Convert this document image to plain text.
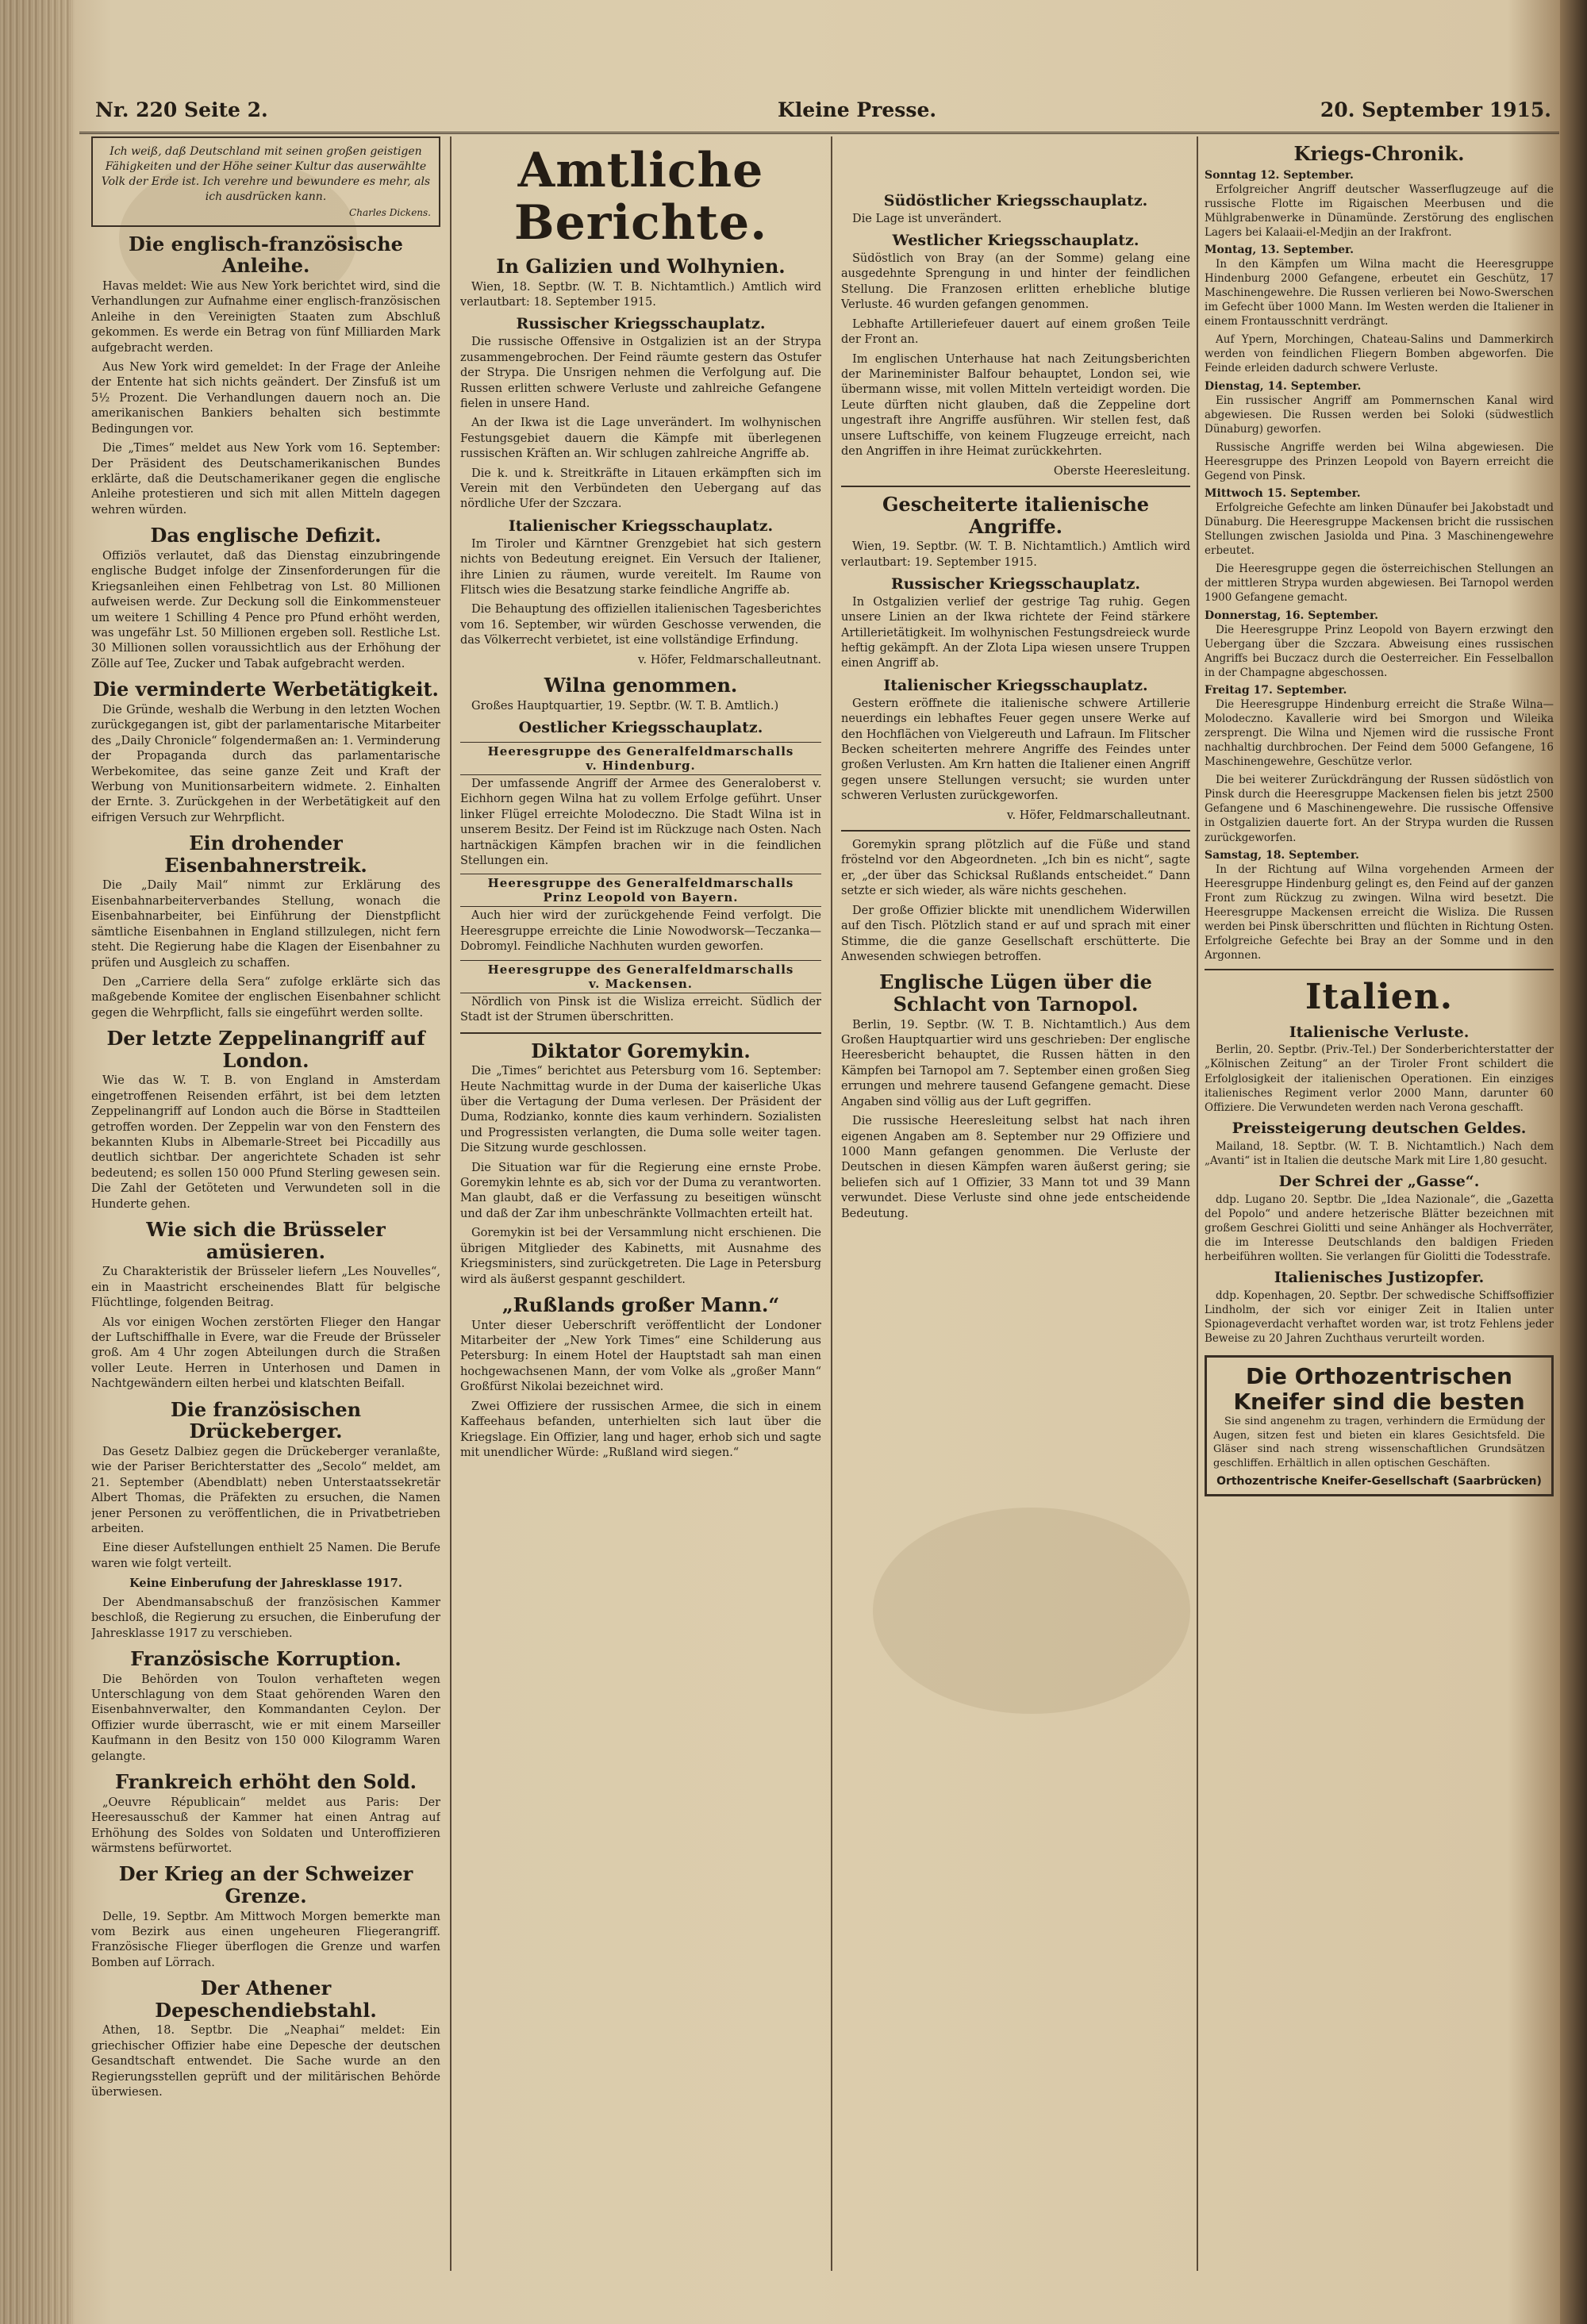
Nr. 220 Seite 2.	Kleine Presse.	20. September 1915.
Ich weiß, daß Deutschland mit seinen großen geistigen Fähigkeiten und der Höhe seiner Kultur das auserwählte Volk der Erde ist. Ich verehre und bewundere es mehr, als ich ausdrücken kann.
Charles Dickens.
Die englisch-französische Anleihe.

Havas meldet: Wie aus New York berichtet wird, sind die Verhandlungen zur Aufnahme einer englisch-französischen Anleihe in den Vereinigten Staaten zum Abschluß gekommen. Es werde ein Betrag von fünf Milliarden Mark aufgebracht werden.

Aus New York wird gemeldet: In der Frage der Anleihe der Entente hat sich nichts geändert. Der Zinsfuß ist um 5½ Prozent. Die Verhandlungen dauern noch an. Die amerikanischen Bankiers behalten sich bestimmte Bedingungen vor.

Die „Times“ meldet aus New York vom 16. September: Der Präsident des Deutschamerikanischen Bundes erklärte, daß die Deutschamerikaner gegen die englische Anleihe protestieren und sich mit allen Mitteln dagegen wehren würden.

Das englische Defizit.

Offiziös verlautet, daß das Dienstag einzubringende englische Budget infolge der Zinsenforderungen für die Kriegsanleihen einen Fehlbetrag von Lst. 80 Millionen aufweisen werde. Zur Deckung soll die Einkommensteuer um weitere 1 Schilling 4 Pence pro Pfund erhöht werden, was ungefähr Lst. 50 Millionen ergeben soll. Restliche Lst. 30 Millionen sollen voraussichtlich aus der Erhöhung der Zölle auf Tee, Zucker und Tabak aufgebracht werden.

Die verminderte Werbetätigkeit.

Die Gründe, weshalb die Werbung in den letzten Wochen zurückgegangen ist, gibt der parlamentarische Mitarbeiter des „Daily Chronicle“ folgendermaßen an: 1. Verminderung der Propaganda durch das parlamentarische Werbekomitee, das seine ganze Zeit und Kraft der Werbung von Munitionsarbeitern widmete. 2. Einhalten der Ernte. 3. Zurückgehen in der Werbetätigkeit auf den eifrigen Versuch zur Wehrpflicht.

Ein drohender Eisenbahnerstreik.

Die „Daily Mail“ nimmt zur Erklärung des Eisenbahnarbeiterverbandes Stellung, wonach die Eisenbahnarbeiter, bei Einführung der Dienstpflicht sämtliche Eisenbahnen in England stillzulegen, nicht fern steht. Die Regierung habe die Klagen der Eisenbahner zu prüfen und Ausgleich zu schaffen.

Den „Carriere della Sera“ zufolge erklärte sich das maßgebende Komitee der englischen Eisenbahner schlicht gegen die Wehrpflicht, falls sie eingeführt werden sollte.

Der letzte Zeppelinangriff auf London.

Wie das W. T. B. von England in Amsterdam eingetroffenen Reisenden erfährt, ist bei dem letzten Zeppelinangriff auf London auch die Börse in Stadtteilen getroffen worden. Der Zeppelin war von den Fenstern des bekannten Klubs in Albemarle-Street bei Piccadilly aus deutlich sichtbar. Der angerichtete Schaden ist sehr bedeutend; es sollen 150 000 Pfund Sterling gewesen sein. Die Zahl der Getöteten und Verwundeten soll in die Hunderte gehen.

Wie sich die Brüsseler amüsieren.

Zu Charakteristik der Brüsseler liefern „Les Nouvelles“, ein in Maastricht erscheinendes Blatt für belgische Flüchtlinge, folgenden Beitrag.

Als vor einigen Wochen zerstörten Flieger den Hangar der Luftschiffhalle in Evere, war die Freude der Brüsseler groß. Am 4 Uhr zogen Abteilungen durch die Straßen voller Leute. Herren in Unterhosen und Damen in Nachtgewändern eilten herbei und klatschten Beifall.

Die französischen Drückeberger.

Das Gesetz Dalbiez gegen die Drückeberger veranlaßte, wie der Pariser Berichterstatter des „Secolo“ meldet, am 21. September (Abendblatt) neben Unterstaatssekretär Albert Thomas, die Präfekten zu ersuchen, die Namen jener Personen zu veröffentlichen, die in Privatbetrieben arbeiten.

Eine dieser Aufstellungen enthielt 25 Namen. Die Berufe waren wie folgt verteilt.

Keine Einberufung der Jahresklasse 1917.

Der Abendmansabschuß der französischen Kammer beschloß, die Regierung zu ersuchen, die Einberufung der Jahresklasse 1917 zu verschieben.

Französische Korruption.

Die Behörden von Toulon verhafteten wegen Unterschlagung von dem Staat gehörenden Waren den Eisenbahnverwalter, den Kommandanten Ceylon. Der Offizier wurde überrascht, wie er mit einem Marseiller Kaufmann in den Besitz von 150 000 Kilogramm Waren gelangte.

Frankreich erhöht den Sold.

„Oeuvre Républicain“ meldet aus Paris: Der Heeresausschuß der Kammer hat einen Antrag auf Erhöhung des Soldes von Soldaten und Unteroffizieren wärmstens befürwortet.

Der Krieg an der Schweizer Grenze.

Delle, 19. Septbr. Am Mittwoch Morgen bemerkte man vom Bezirk aus einen ungeheuren Fliegerangriff. Französische Flieger überflogen die Grenze und warfen Bomben auf Lörrach.

Der Athener Depeschendiebstahl.

Athen, 18. Septbr. Die „Neaphai“ meldet: Ein griechischer Offizier habe eine Depesche der deutschen Gesandtschaft entwendet. Die Sache wurde an den Regierungsstellen geprüft und der militärischen Behörde überwiesen.

Amtliche Berichte.
In Galizien und Wolhynien.

Wien, 18. Septbr. (W. T. B. Nichtamtlich.) Amtlich wird verlautbart: 18. September 1915.

Russischer Kriegsschauplatz.

Die russische Offensive in Ostgalizien ist an der Strypa zusammengebrochen. Der Feind räumte gestern das Ostufer der Strypa. Die Unsrigen nehmen die Verfolgung auf. Die Russen erlitten schwere Verluste und zahlreiche Gefangene fielen in unsere Hand.

An der Ikwa ist die Lage unverändert. Im wolhynischen Festungsgebiet dauern die Kämpfe mit überlegenen russischen Kräften an. Wir schlugen zahlreiche Angriffe ab.

Die k. und k. Streitkräfte in Litauen erkämpften sich im Verein mit den Verbündeten den Uebergang auf das nördliche Ufer der Szczara.

Italienischer Kriegsschauplatz.

Im Tiroler und Kärntner Grenzgebiet hat sich gestern nichts von Bedeutung ereignet. Ein Versuch der Italiener, ihre Linien zu räumen, wurde vereitelt. Im Raume von Flitsch wies die Besatzung starke feindliche Angriffe ab.

Die Behauptung des offiziellen italienischen Tagesberichtes vom 16. September, wir würden Geschosse verwenden, die das Völkerrecht verbietet, ist eine vollständige Erfindung.

v. Höfer, Feldmarschalleutnant.

Wilna genommen.

Großes Hauptquartier, 19. Septbr. (W. T. B. Amtlich.)

Oestlicher Kriegsschauplatz.
Heeresgruppe des Generalfeldmarschalls
v. Hindenburg.

Der umfassende Angriff der Armee des Generaloberst v. Eichhorn gegen Wilna hat zu vollem Erfolge geführt. Unser linker Flügel erreichte Molodeczno. Die Stadt Wilna ist in unserem Besitz. Der Feind ist im Rückzuge nach Osten. Nach hartnäckigen Kämpfen brachen wir in die feindlichen Stellungen ein.

Heeresgruppe des Generalfeldmarschalls
Prinz Leopold von Bayern.

Auch hier wird der zurückgehende Feind verfolgt. Die Heeresgruppe erreichte die Linie Nowodworsk—Teczanka—Dobromyl. Feindliche Nachhuten wurden geworfen.

Heeresgruppe des Generalfeldmarschalls
v. Mackensen.

Nördlich von Pinsk ist die Wisliza erreicht. Südlich der Stadt ist der Strumen überschritten.

Diktator Goremykin.

Die „Times“ berichtet aus Petersburg vom 16. September: Heute Nachmittag wurde in der Duma der kaiserliche Ukas über die Vertagung der Duma verlesen. Der Präsident der Duma, Rodzianko, konnte dies kaum verhindern. Sozialisten und Progressisten verlangten, die Duma solle weiter tagen. Die Sitzung wurde geschlossen.

Die Situation war für die Regierung eine ernste Probe. Goremykin lehnte es ab, sich vor der Duma zu verantworten. Man glaubt, daß er die Verfassung zu beseitigen wünscht und daß der Zar ihm unbeschränkte Vollmachten erteilt hat.

Goremykin ist bei der Versammlung nicht erschienen. Die übrigen Mitglieder des Kabinetts, mit Ausnahme des Kriegsministers, sind zurückgetreten. Die Lage in Petersburg wird als äußerst gespannt geschildert.

„Rußlands großer Mann.“

Unter dieser Ueberschrift veröffentlicht der Londoner Mitarbeiter der „New York Times“ eine Schilderung aus Petersburg: In einem Hotel der Hauptstadt sah man einen hochgewachsenen Mann, der vom Volke als „großer Mann“ Großfürst Nikolai bezeichnet wird.

Zwei Offiziere der russischen Armee, die sich in einem Kaffeehaus befanden, unterhielten sich laut über die Kriegslage. Ein Offizier, lang und hager, erhob sich und sagte mit unendlicher Würde: „Rußland wird siegen.“

Südöstlicher Kriegsschauplatz.

Die Lage ist unverändert.

Westlicher Kriegsschauplatz.

Südöstlich von Bray (an der Somme) gelang eine ausgedehnte Sprengung in und hinter der feindlichen Stellung. Die Franzosen erlitten erhebliche blutige Verluste. 46 wurden gefangen genommen.

Lebhafte Artilleriefeuer dauert auf einem großen Teile der Front an.

Im englischen Unterhause hat nach Zeitungsberichten der Marineminister Balfour behauptet, London sei, wie übermann wisse, mit vollen Mitteln verteidigt worden. Die Leute dürften nicht glauben, daß die Zeppeline dort ungestraft ihre Angriffe ausführen. Wir stellen fest, daß unsere Luftschiffe, von keinem Flugzeuge erreicht, nach den Angriffen in ihre Heimat zurückkehrten.

Oberste Heeresleitung.

Gescheiterte italienische Angriffe.

Wien, 19. Septbr. (W. T. B. Nichtamtlich.) Amtlich wird verlautbart: 19. September 1915.

Russischer Kriegsschauplatz.

In Ostgalizien verlief der gestrige Tag ruhig. Gegen unsere Linien an der Ikwa richtete der Feind stärkere Artillerietätigkeit. Im wolhynischen Festungsdreieck wurde heftig gekämpft. An der Zlota Lipa wiesen unsere Truppen einen Angriff ab.

Italienischer Kriegsschauplatz.

Gestern eröffnete die italienische schwere Artillerie neuerdings ein lebhaftes Feuer gegen unsere Werke auf den Hochflächen von Vielgereuth und Lafraun. Im Flitscher Becken scheiterten mehrere Angriffe des Feindes unter großen Verlusten. Am Krn hatten die Italiener einen Angriff gegen unsere Stellungen versucht; sie wurden unter schweren Verlusten zurückgeworfen.

v. Höfer, Feldmarschalleutnant.

Goremykin sprang plötzlich auf die Füße und stand fröstelnd vor den Abgeordneten. „Ich bin es nicht“, sagte er, „der über das Schicksal Rußlands entscheidet.“ Dann setzte er sich wieder, als wäre nichts geschehen.

Der große Offizier blickte mit unendlichem Widerwillen auf den Tisch. Plötzlich stand er auf und sprach mit einer Stimme, die die ganze Gesellschaft erschütterte. Die Anwesenden schwiegen betroffen.

Englische Lügen über die Schlacht von Tarnopol.

Berlin, 19. Septbr. (W. T. B. Nichtamtlich.) Aus dem Großen Hauptquartier wird uns geschrieben: Der englische Heeresbericht behauptet, die Russen hätten in den Kämpfen bei Tarnopol am 7. September einen großen Sieg errungen und mehrere tausend Gefangene gemacht. Diese Angaben sind völlig aus der Luft gegriffen.

Die russische Heeresleitung selbst hat nach ihren eigenen Angaben am 8. September nur 29 Offiziere und 1000 Mann gefangen genommen. Die Verluste der Deutschen in diesen Kämpfen waren äußerst gering; sie beliefen sich auf 1 Offizier, 33 Mann tot und 39 Mann verwundet. Diese Verluste sind ohne jede entscheidende Bedeutung.

Kriegs-Chronik.
Sonntag 12. September.

Erfolgreicher Angriff deutscher Wasserflugzeuge auf die russische Flotte im Rigaischen Meerbusen und die Mühlgrabenwerke in Dünamünde. Zerstörung des englischen Lagers bei Kalaaii-el-Medjin an der Irakfront.

Montag, 13. September.

In den Kämpfen um Wilna macht die Heeresgruppe Hindenburg 2000 Gefangene, erbeutet ein Geschütz, 17 Maschinengewehre. Die Russen verlieren bei Nowo-Swerschen im Gefecht über 1000 Mann. Im Westen werden die Italiener in einem Frontausschnitt verdrängt.

Auf Ypern, Morchingen, Chateau-Salins und Dammerkirch werden von feindlichen Fliegern Bomben abgeworfen. Die Feinde erleiden dadurch schwere Verluste.

Dienstag, 14. September.

Ein russischer Angriff am Pommernschen Kanal wird abgewiesen. Die Russen werden bei Soloki (südwestlich Dünaburg) geworfen.

Russische Angriffe werden bei Wilna abgewiesen. Die Heeresgruppe des Prinzen Leopold von Bayern erreicht die Gegend von Pinsk.

Mittwoch 15. September.

Erfolgreiche Gefechte am linken Dünaufer bei Jakobstadt und Dünaburg. Die Heeresgruppe Mackensen bricht die russischen Stellungen zwischen Jasiolda und Pina. 3 Maschinengewehre erbeutet.

Die Heeresgruppe gegen die österreichischen Stellungen an der mittleren Strypa wurden abgewiesen. Bei Tarnopol werden 1900 Gefangene gemacht.

Donnerstag, 16. September.

Die Heeresgruppe Prinz Leopold von Bayern erzwingt den Uebergang über die Szczara. Abweisung eines russischen Angriffs bei Buczacz durch die Oesterreicher. Ein Fesselballon in der Champagne abgeschossen.

Freitag 17. September.

Die Heeresgruppe Hindenburg erreicht die Straße Wilna—Molodeczno. Kavallerie wird bei Smorgon und Wileika zersprengt. Die Wilna und Njemen wird die russische Front nachhaltig durchbrochen. Der Feind dem 5000 Gefangene, 16 Maschinengewehre, Geschütze verlor.

Die bei weiterer Zurückdrängung der Russen südöstlich von Pinsk durch die Heeresgruppe Mackensen fielen bis jetzt 2500 Gefangene und 6 Maschinengewehre. Die russische Offensive in Ostgalizien dauerte fort. An der Strypa wurden die Russen zurückgeworfen.

Samstag, 18. September.

In der Richtung auf Wilna vorgehenden Armeen der Heeresgruppe Hindenburg gelingt es, den Feind auf der ganzen Front zum Rückzug zu zwingen. Wilna wird besetzt. Die Heeresgruppe Mackensen erreicht die Wisliza. Die Russen werden bei Pinsk überschritten und flüchten in Richtung Osten. Erfolgreiche Gefechte bei Bray an der Somme und in den Argonnen.

Italien.
Italienische Verluste.

Berlin, 20. Septbr. (Priv.-Tel.) Der Sonderberichterstatter der „Kölnischen Zeitung“ an der Tiroler Front schildert die Erfolglosigkeit der italienischen Operationen. Ein einziges italienisches Regiment verlor 2000 Mann, darunter 60 Offiziere. Die Verwundeten werden nach Verona geschafft.

Preissteigerung deutschen Geldes.

Mailand, 18. Septbr. (W. T. B. Nichtamtlich.) Nach dem „Avanti“ ist in Italien die deutsche Mark mit Lire 1,80 gesucht.

Der Schrei der „Gasse“.

ddp. Lugano 20. Septbr. Die „Idea Nazionale“, die „Gazetta del Popolo“ und andere hetzerische Blätter bezeichnen mit großem Geschrei Giolitti und seine Anhänger als Hochverräter, die im Interesse Deutschlands den baldigen Frieden herbeiführen wollten. Sie verlangen für Giolitti die Todesstrafe.

Italienisches Justizopfer.

ddp. Kopenhagen, 20. Septbr. Der schwedische Schiffsoffizier Lindholm, der sich vor einiger Zeit in Italien unter Spionageverdacht verhaftet worden war, ist trotz Fehlens jeder Beweise zu 20 Jahren Zuchthaus verurteilt worden.

Die Orthozentrischen Kneifer sind die besten

Sie sind angenehm zu tragen, verhindern die Ermüdung der Augen, sitzen fest und bieten ein klares Gesichtsfeld. Die Gläser sind nach streng wissenschaftlichen Grundsätzen geschliffen. Erhältlich in allen optischen Geschäften.

Orthozentrische Kneifer-Gesellschaft (Saarbrücken)
